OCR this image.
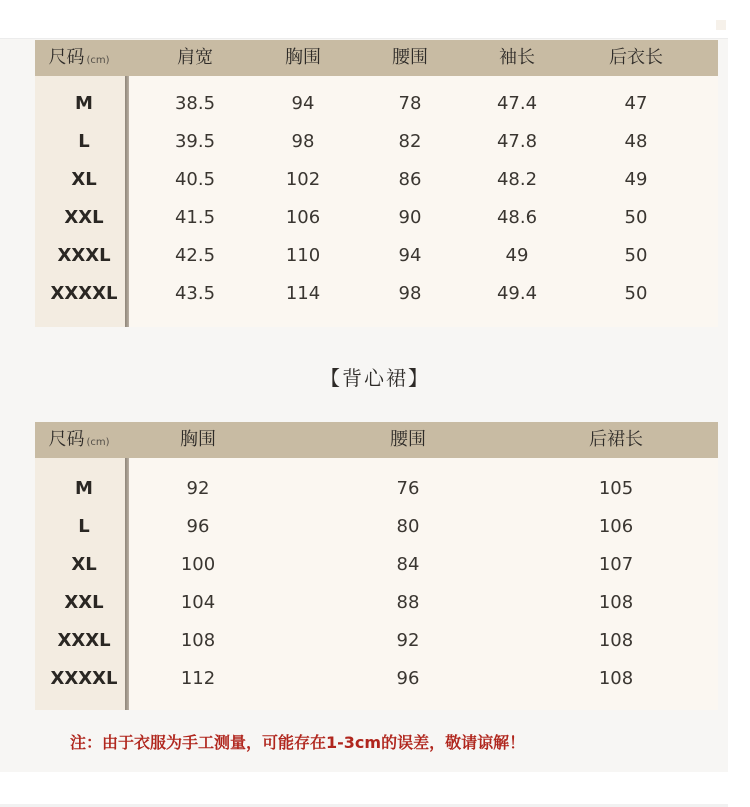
尺码 (cm)	肩宽	胸围	腰围	袖长	后衣长
M	38.5	94	78	47.4	47
L	39.5	98	82	47.8	48
XL	40.5	102	86	48.2	49
XXL	41.5	106	90	48.6	50
XXXL	42.5	110	94	49	50
XXXXL	43.5	114	98	49.4	50
【背心裙】
尺码 (cm)	胸围	腰围	后裙长
M	92	76	105
L	96	80	106
XL	100	84	107
XXL	104	88	108
XXXL	108	92	108
XXXXL	112	96	108
注：由于衣服为手工测量，可能存在1-3cm的误差，敬请谅解！
